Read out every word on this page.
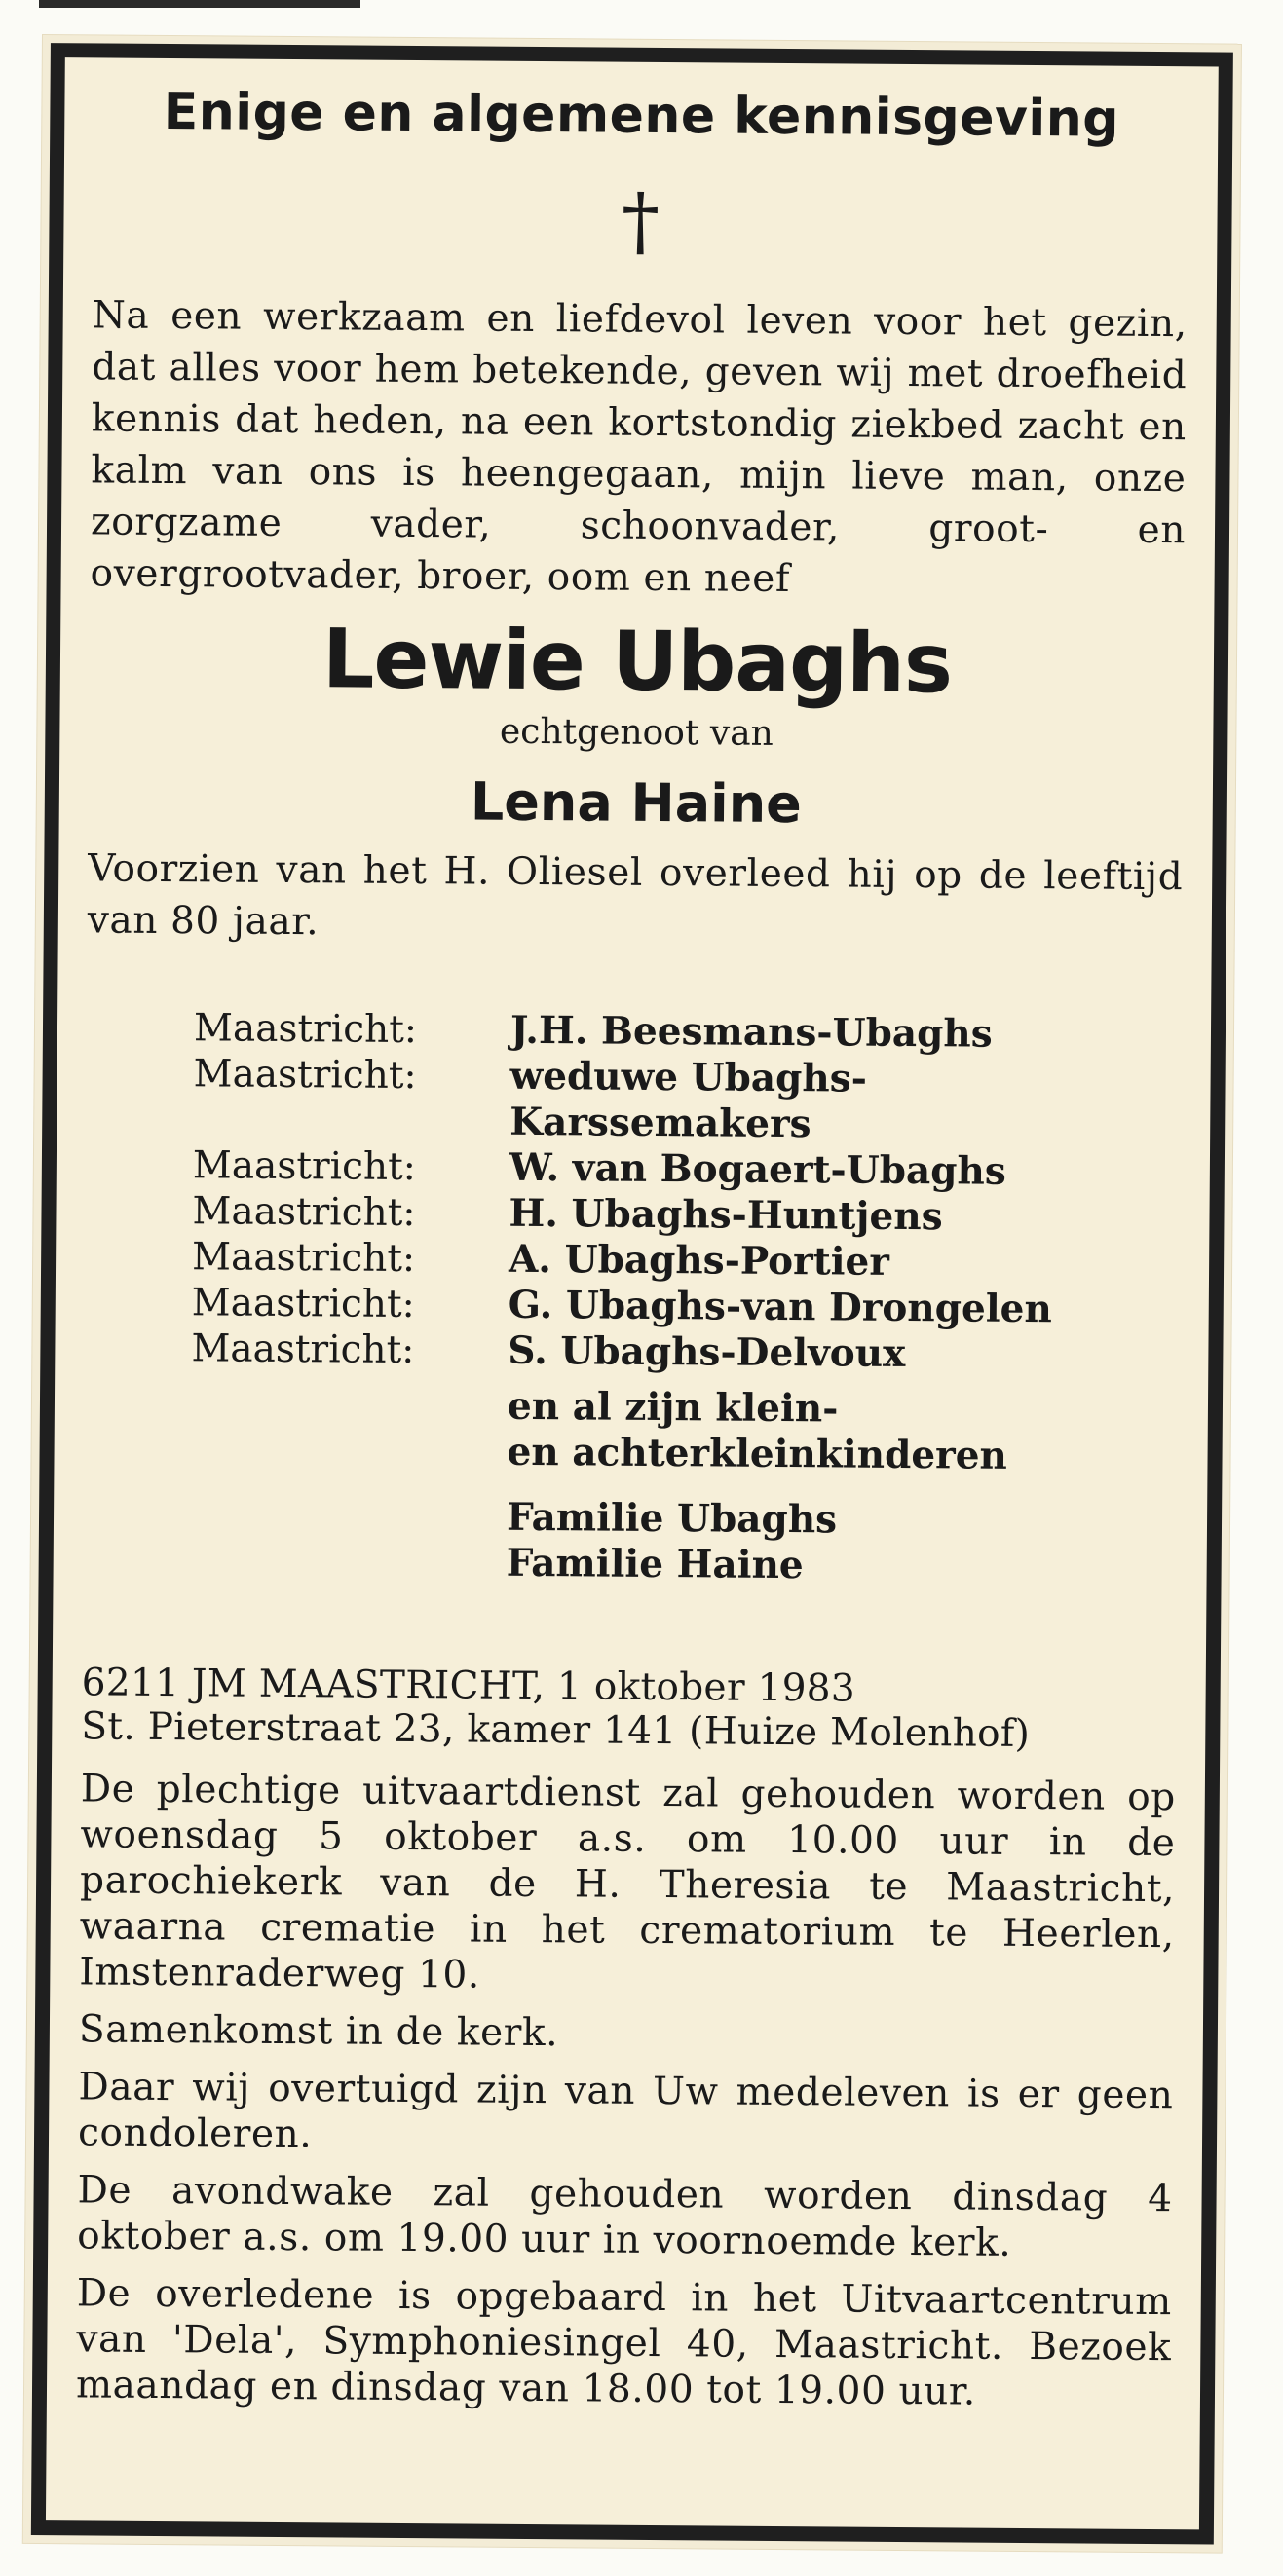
Enige en algemene kennisgeving
†
Na een werkzaam en liefdevol leven voor het gezin, dat alles voor hem betekende, geven wij met droefheid kennis dat heden, na een kortstondig ziekbed zacht en kalm van ons is heengegaan, mijn lieve man, onze zorgzame vader, schoonvader, groot- en overgrootvader, broer, oom en neef
Lewie Ubaghs
echtgenoot van
Lena Haine
Voorzien van het H. Oliesel overleed hij op de leeftijd van 80 jaar.
Maastricht:	J.H. Beesmans-Ubaghs
Maastricht:	weduwe Ubaghs-
Karssemakers
Maastricht:	W. van Bogaert-Ubaghs
Maastricht:	H. Ubaghs-Huntjens
Maastricht:	A. Ubaghs-Portier
Maastricht:	G. Ubaghs-van Drongelen
Maastricht:	S. Ubaghs-Delvoux
en al zijn klein-
en achterkleinkinderen
Familie Ubaghs
Familie Haine
6211 JM MAASTRICHT, 1 oktober 1983
St. Pieterstraat 23, kamer 141 (Huize Molenhof)
De plechtige uitvaartdienst zal gehouden worden op woensdag 5 oktober a.s. om 10.00 uur in de parochiekerk van de H. Theresia te Maastricht, waarna crematie in het crematorium te Heerlen, Imstenraderweg 10.
Samenkomst in de kerk.
Daar wij overtuigd zijn van Uw medeleven is er geen condoleren.
De avondwake zal gehouden worden dinsdag 4 oktober a.s. om 19.00 uur in voornoemde kerk.
De overledene is opgebaard in het Uitvaartcentrum van 'Dela', Symphoniesingel 40, Maastricht. Bezoek maandag en dinsdag van 18.00 tot 19.00 uur.
